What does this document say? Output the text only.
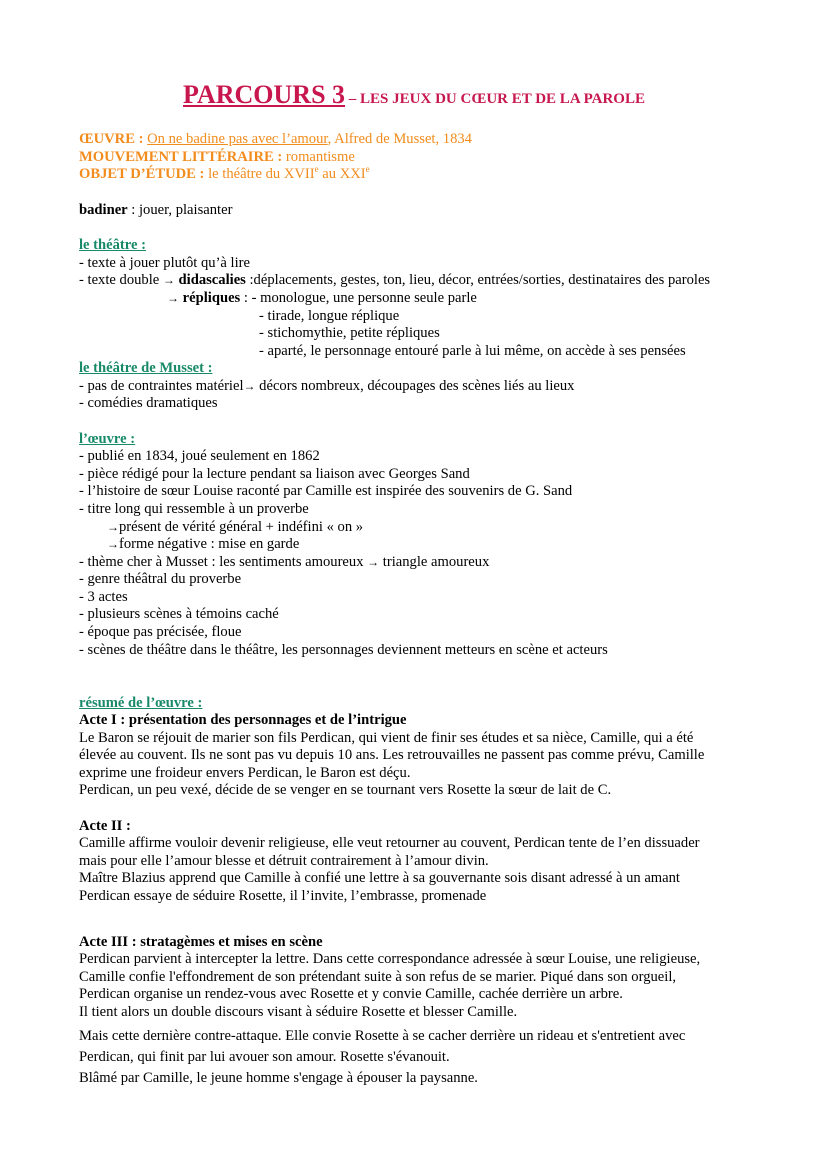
PARCOURS 3 – LES JEUX DU CŒUR ET DE LA PAROLE
ŒUVRE : On ne badine pas avec l’amour, Alfred de Musset, 1834
MOUVEMENT LITTÉRAIRE : romantisme
OBJET D’ÉTUDE : le théâtre du XVIIe au XXIe
badiner : jouer, plaisanter
le théâtre :
- texte à jouer plutôt qu’à lire
- texte double → didascalies :déplacements, gestes, ton, lieu, décor, entrées/sorties, destinataires des paroles
→ répliques : - monologue, une personne seule parle
- tirade, longue réplique
- stichomythie, petite répliques
- aparté, le personnage entouré parle à lui même, on accède à ses pensées
le théâtre de Musset :
- pas de contraintes matériel→ décors nombreux, découpages des scènes liés au lieux
- comédies dramatiques
l’œuvre :
- publié en 1834, joué seulement en 1862
- pièce rédigé pour la lecture pendant sa liaison avec Georges Sand
- l’histoire de sœur Louise raconté par Camille est inspirée des souvenirs de G. Sand
- titre long qui ressemble à un proverbe
→présent de vérité général + indéfini « on »
→forme négative : mise en garde
- thème cher à Musset : les sentiments amoureux → triangle amoureux
- genre théâtral du proverbe
- 3 actes
- plusieurs scènes à témoins caché
- époque pas précisée, floue
- scènes de théâtre dans le théâtre, les personnages deviennent metteurs en scène et acteurs
résumé de l’œuvre :
Acte I : présentation des personnages et de l’intrigue
Le Baron se réjouit de marier son fils Perdican, qui vient de finir ses études et sa nièce, Camille, qui a été
élevée au couvent. Ils ne sont pas vu depuis 10 ans. Les retrouvailles ne passent pas comme prévu, Camille
exprime une froideur envers Perdican, le Baron est déçu.
Perdican, un peu vexé, décide de se venger en se tournant vers Rosette la sœur de lait de C.
Acte II :
Camille affirme vouloir devenir religieuse, elle veut retourner au couvent, Perdican tente de l’en dissuader
mais pour elle l’amour blesse et détruit contrairement à l’amour divin.
Maître Blazius apprend que Camille à confié une lettre à sa gouvernante sois disant adressé à un amant
Perdican essaye de séduire Rosette, il l’invite, l’embrasse, promenade
Acte III : stratagèmes et mises en scène
Perdican parvient à intercepter la lettre. Dans cette correspondance adressée à sœur Louise, une religieuse,
Camille confie l'effondrement de son prétendant suite à son refus de se marier. Piqué dans son orgueil,
Perdican organise un rendez-vous avec Rosette et y convie Camille, cachée derrière un arbre.
Il tient alors un double discours visant à séduire Rosette et blesser Camille.
Mais cette dernière contre-attaque. Elle convie Rosette à se cacher derrière un rideau et s'entretient avec
Perdican, qui finit par lui avouer son amour. Rosette s'évanouit.
Blâmé par Camille, le jeune homme s'engage à épouser la paysanne.
